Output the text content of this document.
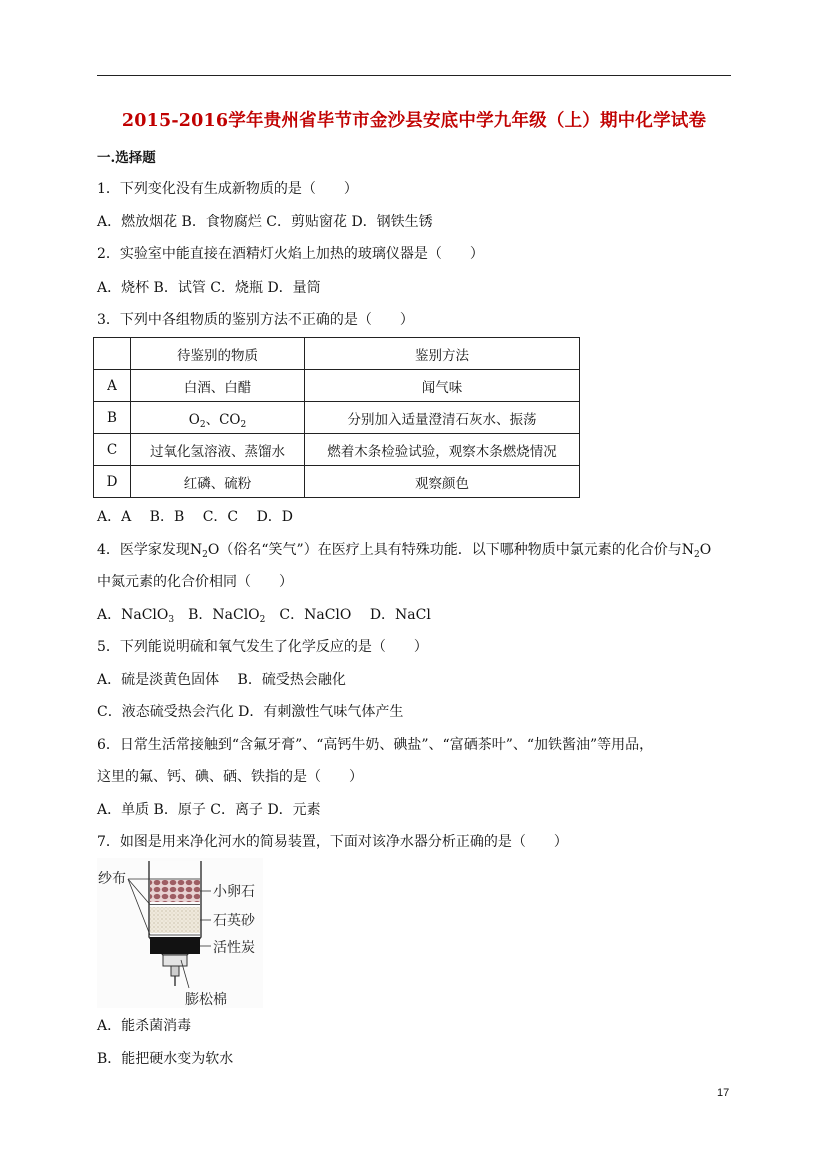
2015-2016学年贵州省毕节市金沙县安底中学九年级（上）期中化学试卷
一.选择题
1．下列变化没有生成新物质的是（　　）
A．燃放烟花 B．食物腐烂 C．剪贴窗花 D．钢铁生锈
2．实验室中能直接在酒精灯火焰上加热的玻璃仪器是（　　）
A．烧杯 B．试管 C．烧瓶 D．量筒
3．下列中各组物质的鉴别方法不正确的是（　　）
	待鉴别的物质	鉴别方法
A	白酒、白醋	闻气味
B	$O_2$、$CO_2$	分别加入适量澄清石灰水、振荡
C	过氧化氢溶液、蒸馏水	燃着木条检验试验，观察木条燃烧情况
D	红磷、硫粉	观察颜色
A．A　 B．B　 C．C　 D．D
4．医学家发现$N_2O$（俗名“笑气”）在医疗上具有特殊功能．以下哪种物质中氯元素的化合价与$N_2O$
中氮元素的化合价相同（　　）
A．NaClO$_3$　B．NaClO$_2$　C．NaClO　 D．NaCl
5．下列能说明硫和氧气发生了化学反应的是（　　）
A．硫是淡黄色固体　 B．硫受热会融化
C．液态硫受热会汽化 D．有刺激性气味气体产生
6．日常生活常接触到“含氟牙膏”、“高钙牛奶、碘盐”、“富硒茶叶”、“加铁酱油”等用品，
这里的氟、钙、碘、硒、铁指的是（　　）
A．单质 B．原子 C．离子 D．元素
7．如图是用来净化河水的简易装置，下面对该净水器分析正确的是（　　）
纱布
小卵石
石英砂
活性炭
膨松棉
A．能杀菌消毒
B．能把硬水变为软水
17
